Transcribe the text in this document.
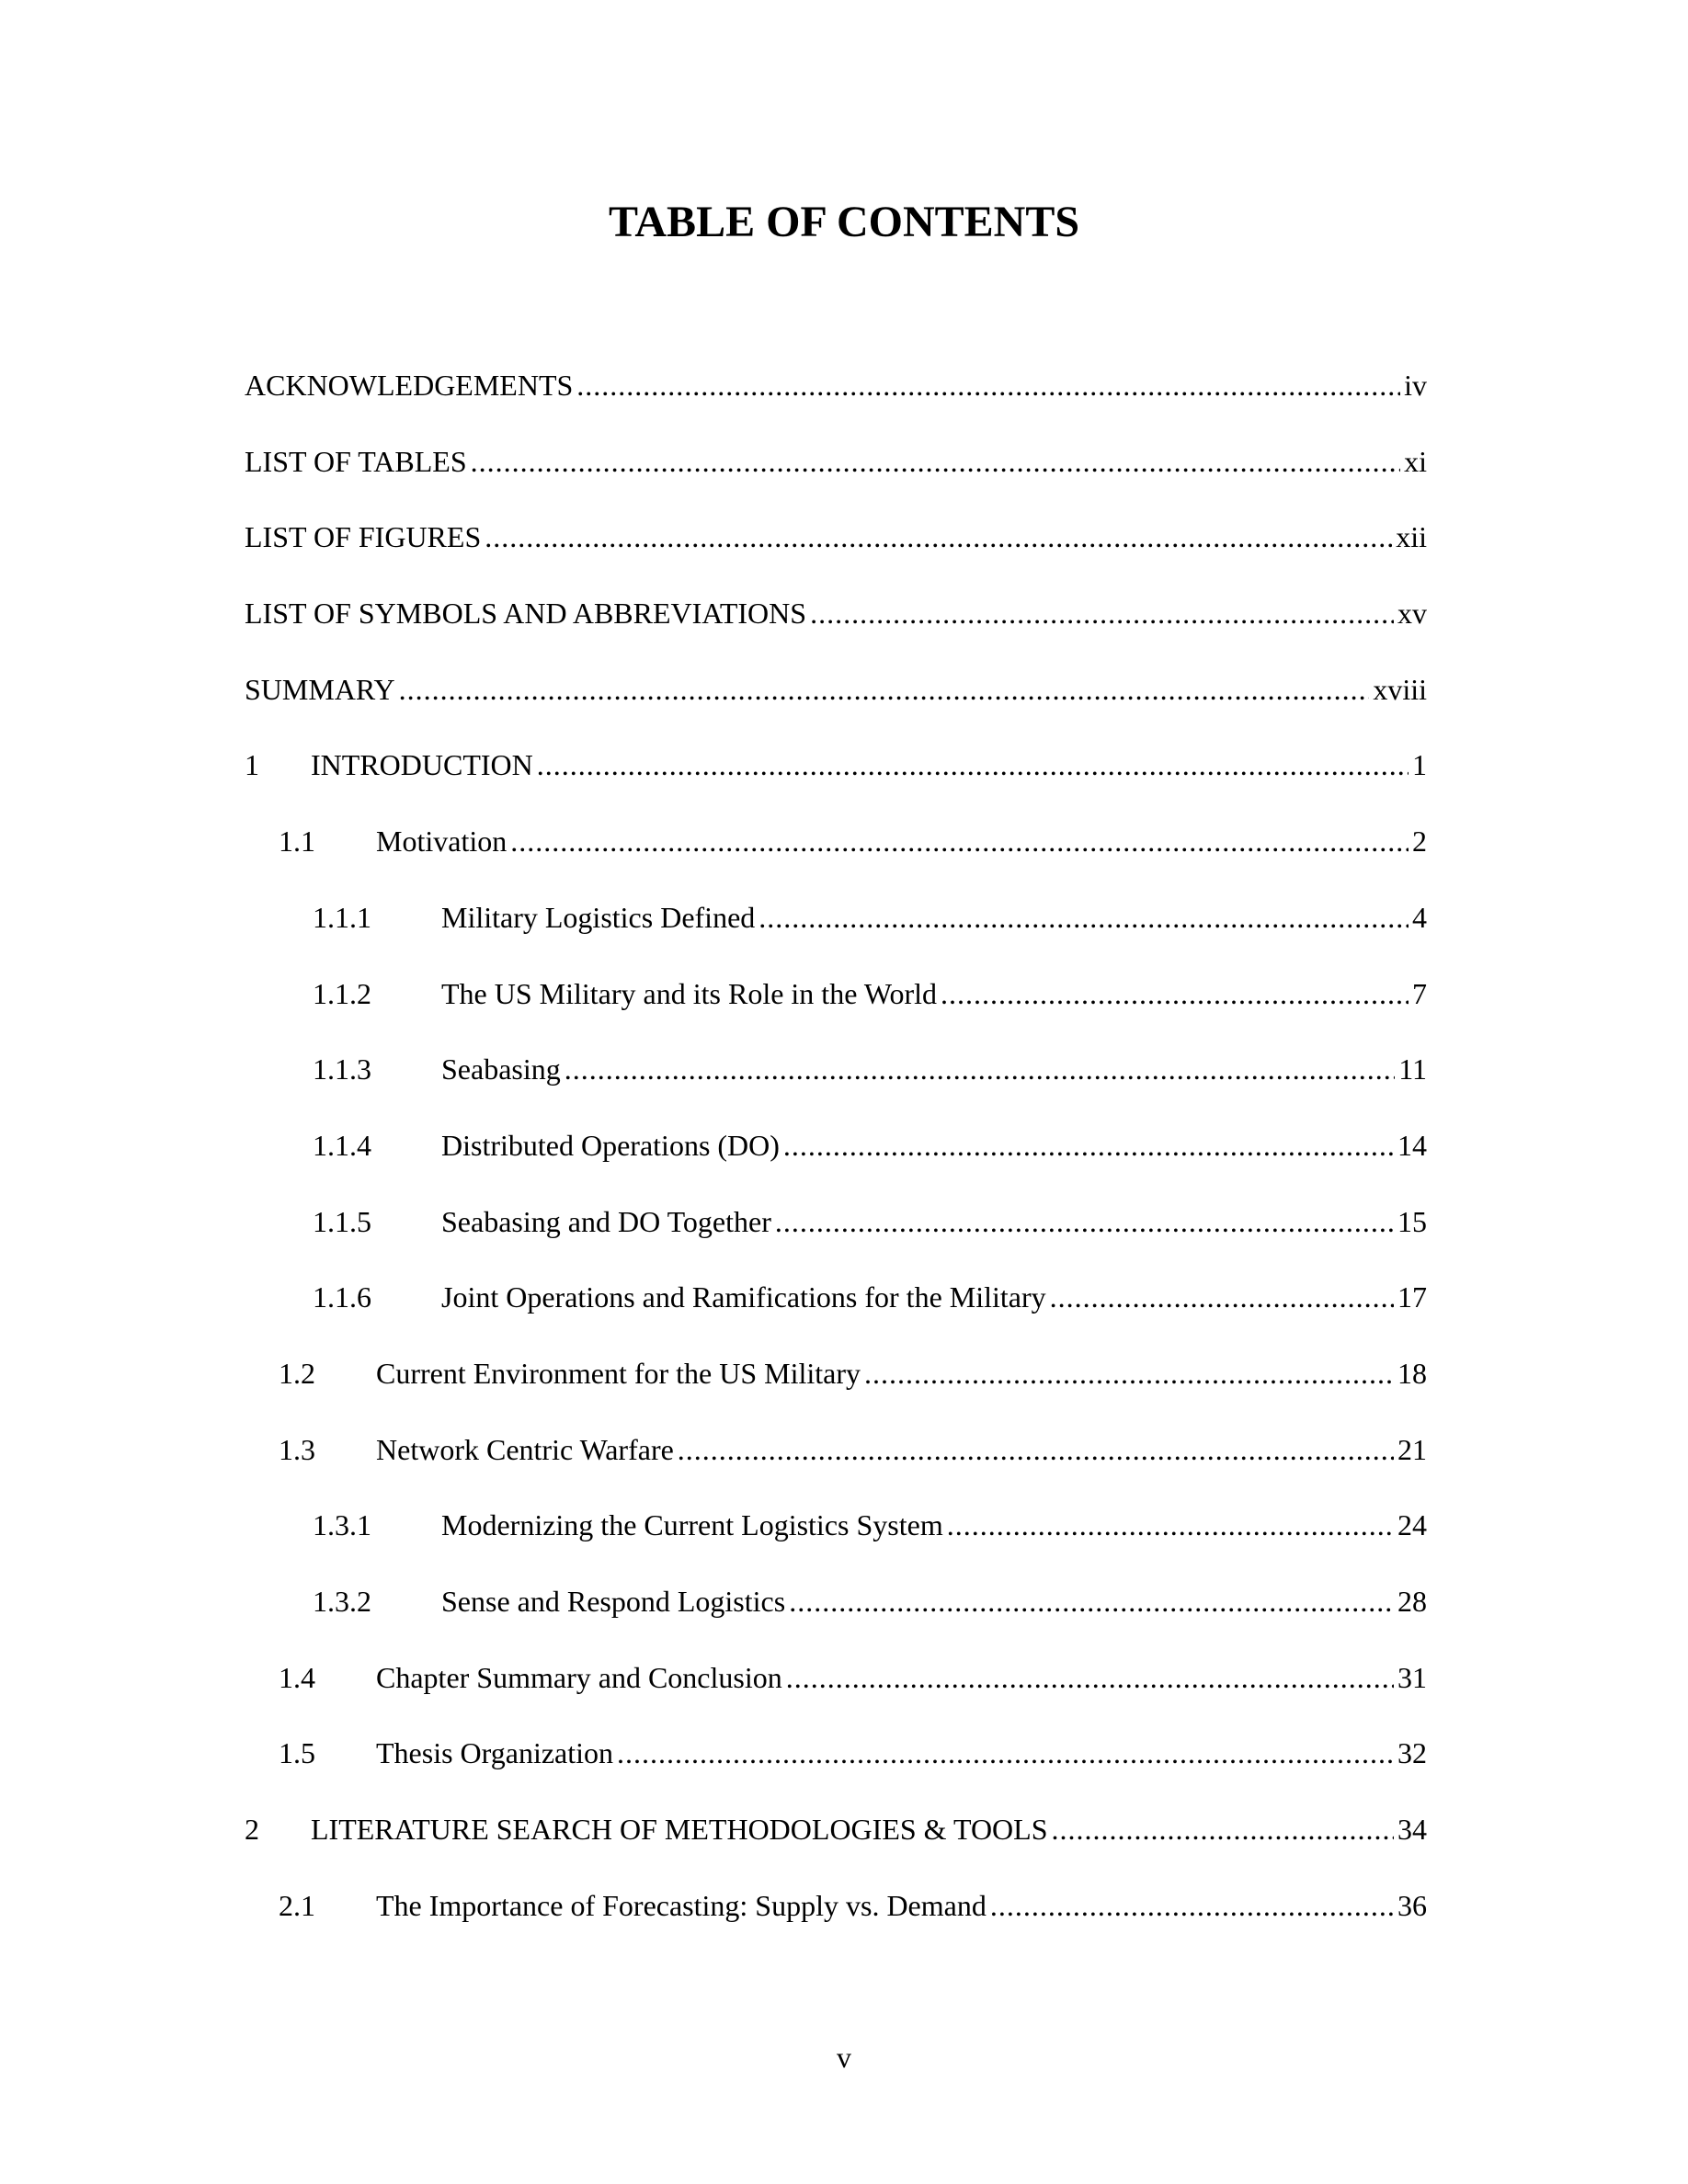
TABLE OF CONTENTS
ACKNOWLEDGEMENTS .....	iv
LIST OF TABLES .....	xi
LIST OF FIGURES .....	xii
LIST OF SYMBOLS AND ABBREVIATIONS .....	xv
SUMMARY .....	xviii
1	INTRODUCTION .....	1
1.1	Motivation .....	2
1.1.1	Military Logistics Defined .....	4
1.1.2	The US Military and its Role in the World .....	7
1.1.3	Seabasing .....	11
1.1.4	Distributed Operations (DO) .....	14
1.1.5	Seabasing and DO Together .....	15
1.1.6	Joint Operations and Ramifications for the Military .....	17
1.2	Current Environment for the US Military .....	18
1.3	Network Centric Warfare .....	21
1.3.1	Modernizing the Current Logistics System .....	24
1.3.2	Sense and Respond Logistics .....	28
1.4	Chapter Summary and Conclusion .....	31
1.5	Thesis Organization .....	32
2	LITERATURE SEARCH OF METHODOLOGIES & TOOLS .....	34
2.1	The Importance of Forecasting: Supply vs. Demand .....	36
v
